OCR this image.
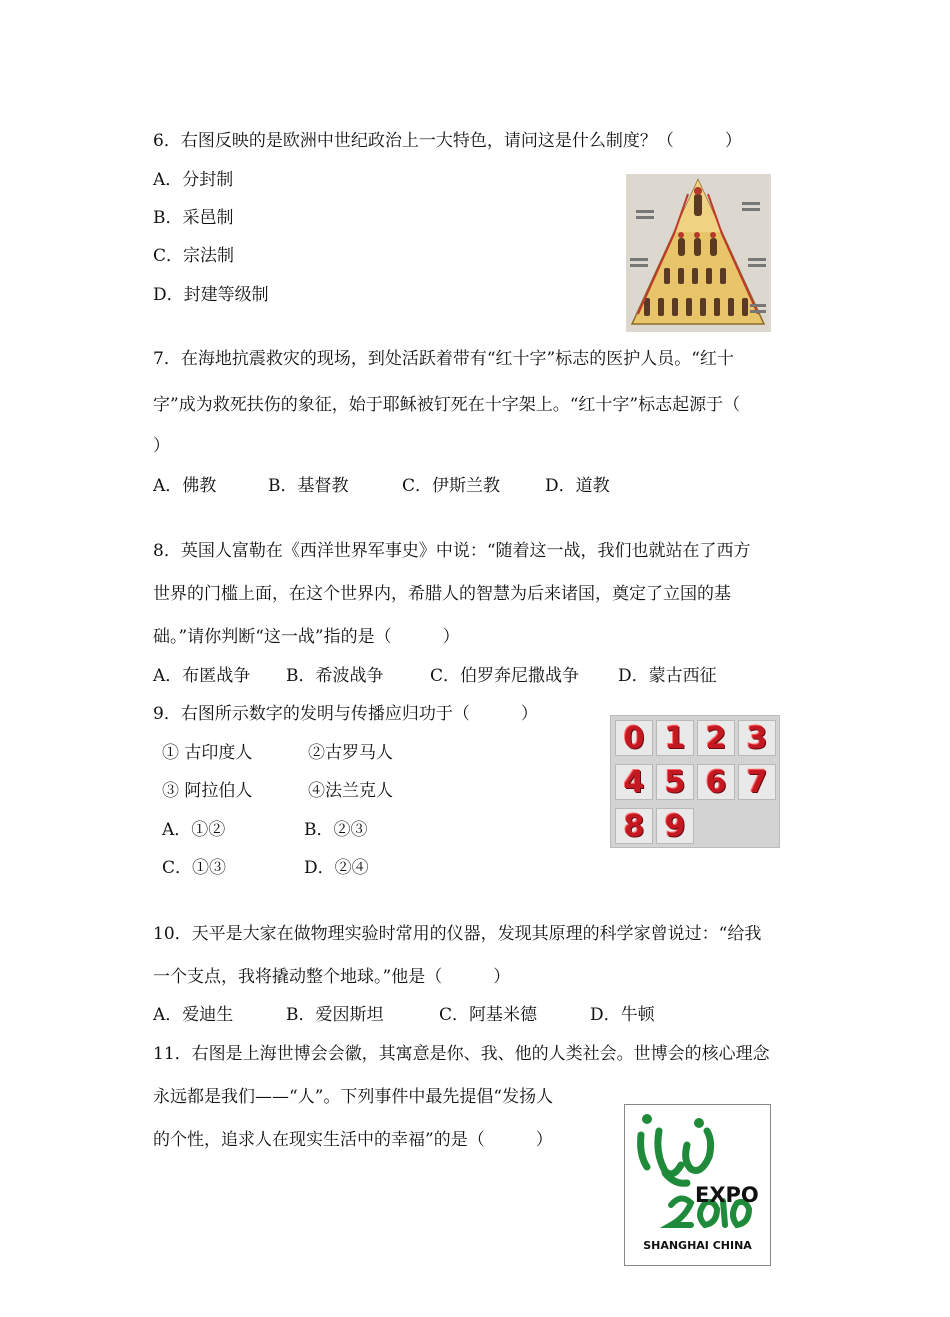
6．右图反映的是欧洲中世纪政治上一大特色，请问这是什么制度？（　　　）
A．分封制
B．采邑制
C．宗法制
D．封建等级制
7．在海地抗震救灾的现场，到处活跃着带有“红十字”标志的医护人员。“红十
字”成为救死扶伤的象征，始于耶稣被钉死在十字架上。“红十字”标志起源于（
）
A．佛教	B．基督教	C．伊斯兰教	D．道教
8．英国人富勒在《西洋世界军事史》中说：“随着这一战，我们也就站在了西方
世界的门槛上面，在这个世界内，希腊人的智慧为后来诸国，奠定了立国的基
础。”请你判断“这一战”指的是（　　　）
A．布匿战争 B．希波战争	C．伯罗奔尼撒战争 D．蒙古西征
9．右图所示数字的发明与传播应归功于（　　　）
① 古印度人	②古罗马人
③ 阿拉伯人	④法兰克人
A．①②	B．②③
C．①③	D．②④
0 1 2 3
4 5 6 7
8 9
10．天平是大家在做物理实验时常用的仪器，发现其原理的科学家曾说过：“给我
一个支点，我将撬动整个地球。”他是（　　　）
A．爱迪生	B．爱因斯坦	C．阿基米德	D．牛顿
11．右图是上海世博会会徽，其寓意是你、我、他的人类社会。世博会的核心理念
永远都是我们——“人”。下列事件中最先提倡“发扬人
的个性，追求人在现实生活中的幸福”的是（　　　）
EXPO
SHANGHAI CHINA
